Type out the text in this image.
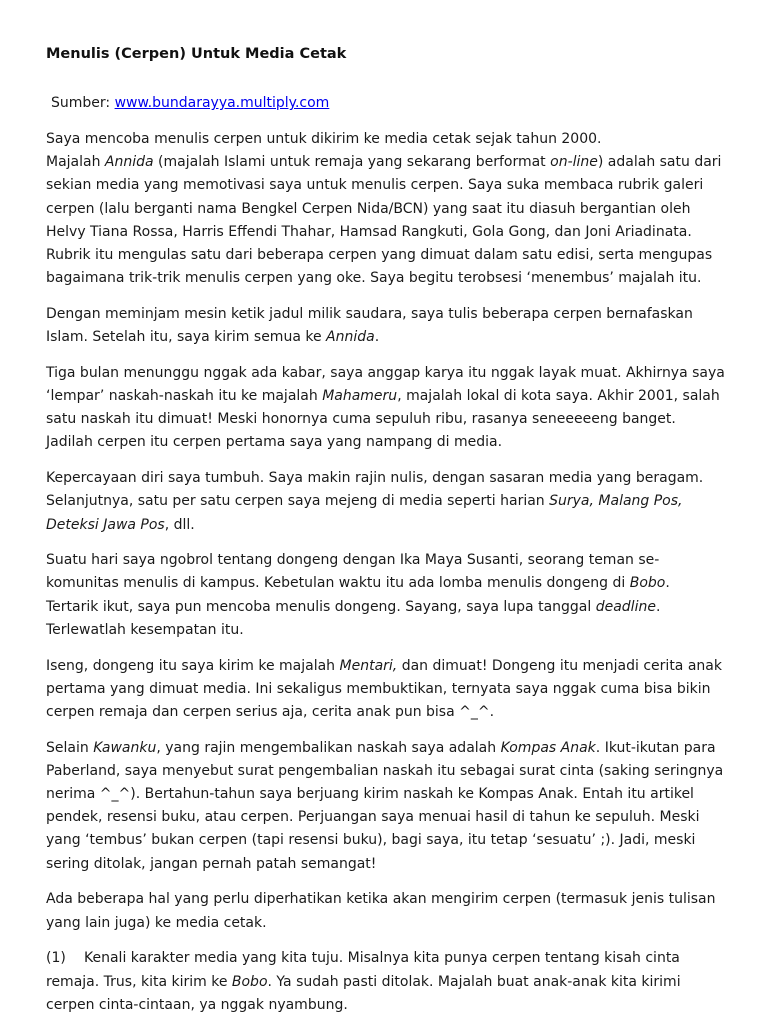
Menulis (Cerpen) Untuk Media Cetak
Sumber: www.bundarayya.multiply.com

Saya mencoba menulis cerpen untuk dikirim ke media cetak sejak tahun 2000.
Majalah Annida (majalah Islami untuk remaja yang sekarang berformat on-line) adalah satu dari sekian media yang memotivasi saya untuk menulis cerpen. Saya suka membaca rubrik galeri cerpen (lalu berganti nama Bengkel Cerpen Nida/BCN) yang saat itu diasuh bergantian oleh Helvy Tiana Rossa, Harris Effendi Thahar, Hamsad Rangkuti, Gola Gong, dan Joni Ariadinata. Rubrik itu mengulas satu dari beberapa cerpen yang dimuat dalam satu edisi, serta mengupas bagaimana trik-trik menulis cerpen yang oke. Saya begitu terobsesi ‘menembus’ majalah itu.

Dengan meminjam mesin ketik jadul milik saudara, saya tulis beberapa cerpen bernafaskan Islam. Setelah itu, saya kirim semua ke Annida.

Tiga bulan menunggu nggak ada kabar, saya anggap karya itu nggak layak muat. Akhirnya saya ‘lempar’ naskah-naskah itu ke majalah Mahameru, majalah lokal di kota saya. Akhir 2001, salah satu naskah itu dimuat! Meski honornya cuma sepuluh ribu, rasanya seneeeeeng banget. Jadilah cerpen itu cerpen pertama saya yang nampang di media.

Kepercayaan diri saya tumbuh. Saya makin rajin nulis, dengan sasaran media yang beragam. Selanjutnya, satu per satu cerpen saya mejeng di media seperti harian Surya, Malang Pos, Deteksi Jawa Pos, dll.

Suatu hari saya ngobrol tentang dongeng dengan Ika Maya Susanti, seorang teman se-komunitas menulis di kampus. Kebetulan waktu itu ada lomba menulis dongeng di Bobo. Tertarik ikut, saya pun mencoba menulis dongeng. Sayang, saya lupa tanggal deadline. Terlewatlah kesempatan itu.

Iseng, dongeng itu saya kirim ke majalah Mentari, dan dimuat! Dongeng itu menjadi cerita anak pertama yang dimuat media. Ini sekaligus membuktikan, ternyata saya nggak cuma bisa bikin cerpen remaja dan cerpen serius aja, cerita anak pun bisa ^_^.

Selain Kawanku, yang rajin mengembalikan naskah saya adalah Kompas Anak. Ikut-ikutan para Paberland, saya menyebut surat pengembalian naskah itu sebagai surat cinta (saking seringnya nerima ^_^). Bertahun-tahun saya berjuang kirim naskah ke Kompas Anak. Entah itu artikel pendek, resensi buku, atau cerpen. Perjuangan saya menuai hasil di tahun ke sepuluh. Meski yang ‘tembus’ bukan cerpen (tapi resensi buku), bagi saya, itu tetap ‘sesuatu’ ;). Jadi, meski sering ditolak, jangan pernah patah semangat!

Ada beberapa hal yang perlu diperhatikan ketika akan mengirim cerpen (termasuk jenis tulisan yang lain juga) ke media cetak.

(1) Kenali karakter media yang kita tuju. Misalnya kita punya cerpen tentang kisah cinta remaja. Trus, kita kirim ke Bobo. Ya sudah pasti ditolak. Majalah buat anak-anak kita kirimi cerpen cinta-cintaan, ya nggak nyambung.
